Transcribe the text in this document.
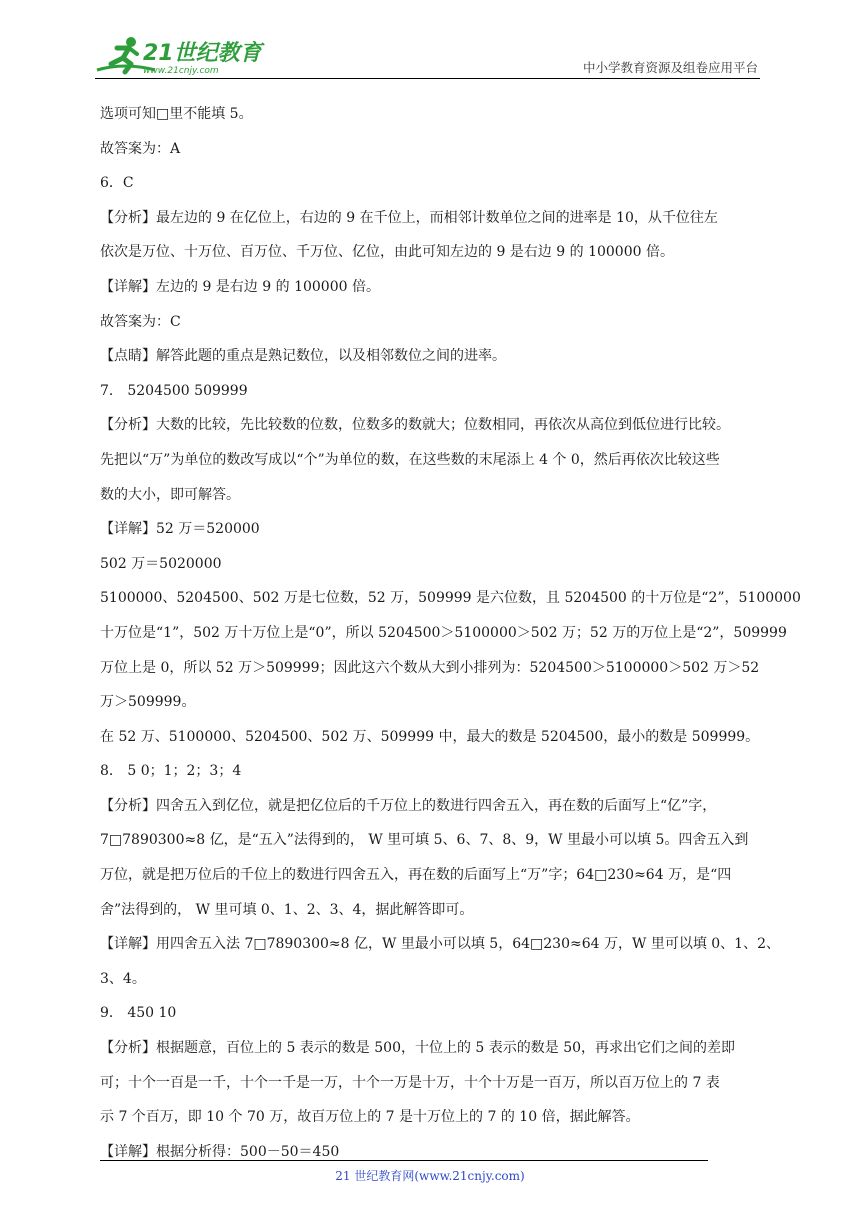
21世纪教育
www.21cnjy.com	中小学教育资源及组卷应用平台

选项可知□里不能填 5。

故答案为：A

6．C

【分析】最左边的 9 在亿位上，右边的 9 在千位上，而相邻计数单位之间的进率是 10，从千位往左

依次是万位、十万位、百万位、千万位、亿位，由此可知左边的 9 是右边 9 的 100000 倍。

【详解】左边的 9 是右边 9 的 100000 倍。

故答案为：C

【点睛】解答此题的重点是熟记数位，以及相邻数位之间的进率。

7． 5204500 509999

【分析】大数的比较，先比较数的位数，位数多的数就大；位数相同，再依次从高位到低位进行比较。

先把以“万”为单位的数改写成以“个”为单位的数，在这些数的末尾添上 4 个 0，然后再依次比较这些

数的大小，即可解答。

【详解】52 万＝520000

502 万＝5020000

5100000、5204500、502 万是七位数，52 万，509999 是六位数，且 5204500 的十万位是“2”，5100000

十万位是“1”，502 万十万位上是“0”，所以 5204500＞5100000＞502 万；52 万的万位上是“2”，509999

万位上是 0，所以 52 万＞509999；因此这六个数从大到小排列为：5204500＞5100000＞502 万＞52

万＞509999。

在 52 万、5100000、5204500、502 万、509999 中，最大的数是 5204500，最小的数是 509999。

8． 5 0；1；2；3；4

【分析】四舍五入到亿位，就是把亿位后的千万位上的数进行四舍五入，再在数的后面写上“亿”字，

7□7890300≈8 亿，是“五入”法得到的， W 里可填 5、6、7、8、9，W 里最小可以填 5。四舍五入到

万位，就是把万位后的千位上的数进行四舍五入，再在数的后面写上“万”字；64□230≈64 万，是“四

舍”法得到的， W 里可填 0、1、2、3、4，据此解答即可。

【详解】用四舍五入法 7□7890300≈8 亿，W 里最小可以填 5，64□230≈64 万，W 里可以填 0、1、2、

3、4。

9． 450 10

【分析】根据题意，百位上的 5 表示的数是 500，十位上的 5 表示的数是 50，再求出它们之间的差即

可；十个一百是一千，十个一千是一万，十个一万是十万，十个十万是一百万，所以百万位上的 7 表

示 7 个百万，即 10 个 70 万，故百万位上的 7 是十万位上的 7 的 10 倍，据此解答。

【详解】根据分析得：500－50＝450

21 世纪教育网(www.21cnjy.com)
